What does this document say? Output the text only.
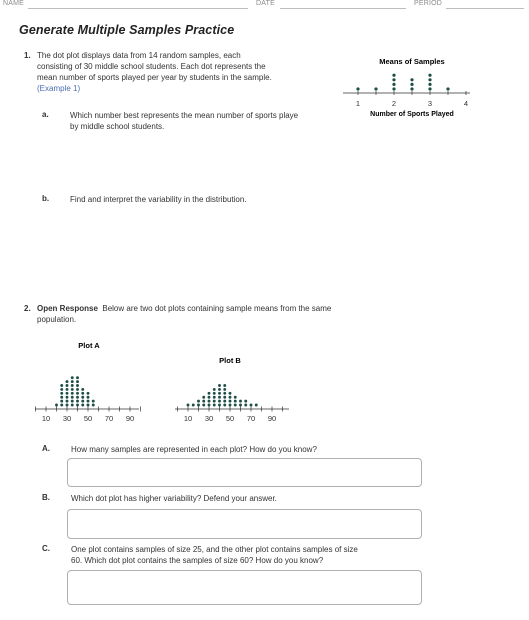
NAME	DATE	PERIOD
Generate Multiple Samples Practice
1. The dot plot displays data from 14 random samples, each
consisting of 30 middle school students. Each dot represents the
mean number of sports played per year by students in the sample.
(Example 1)
Means of Samples
1	2	3	4
Number of Sports Played
a.	Which number best represents the mean number of sports playe
by middle school students.
b.	Find and interpret the variability in the distribution.
2. Open Response Below are two dot plots containing sample means from the same
population.
Plot A
10 30 50 70 90
Plot B
10 30 50 70 90
A.	How many samples are represented in each plot? How do you know?
B.	Which dot plot has higher variability? Defend your answer.
C.	One plot contains samples of size 25, and the other plot contains samples of size
60. Which dot plot contains the samples of size 60? How do you know?
